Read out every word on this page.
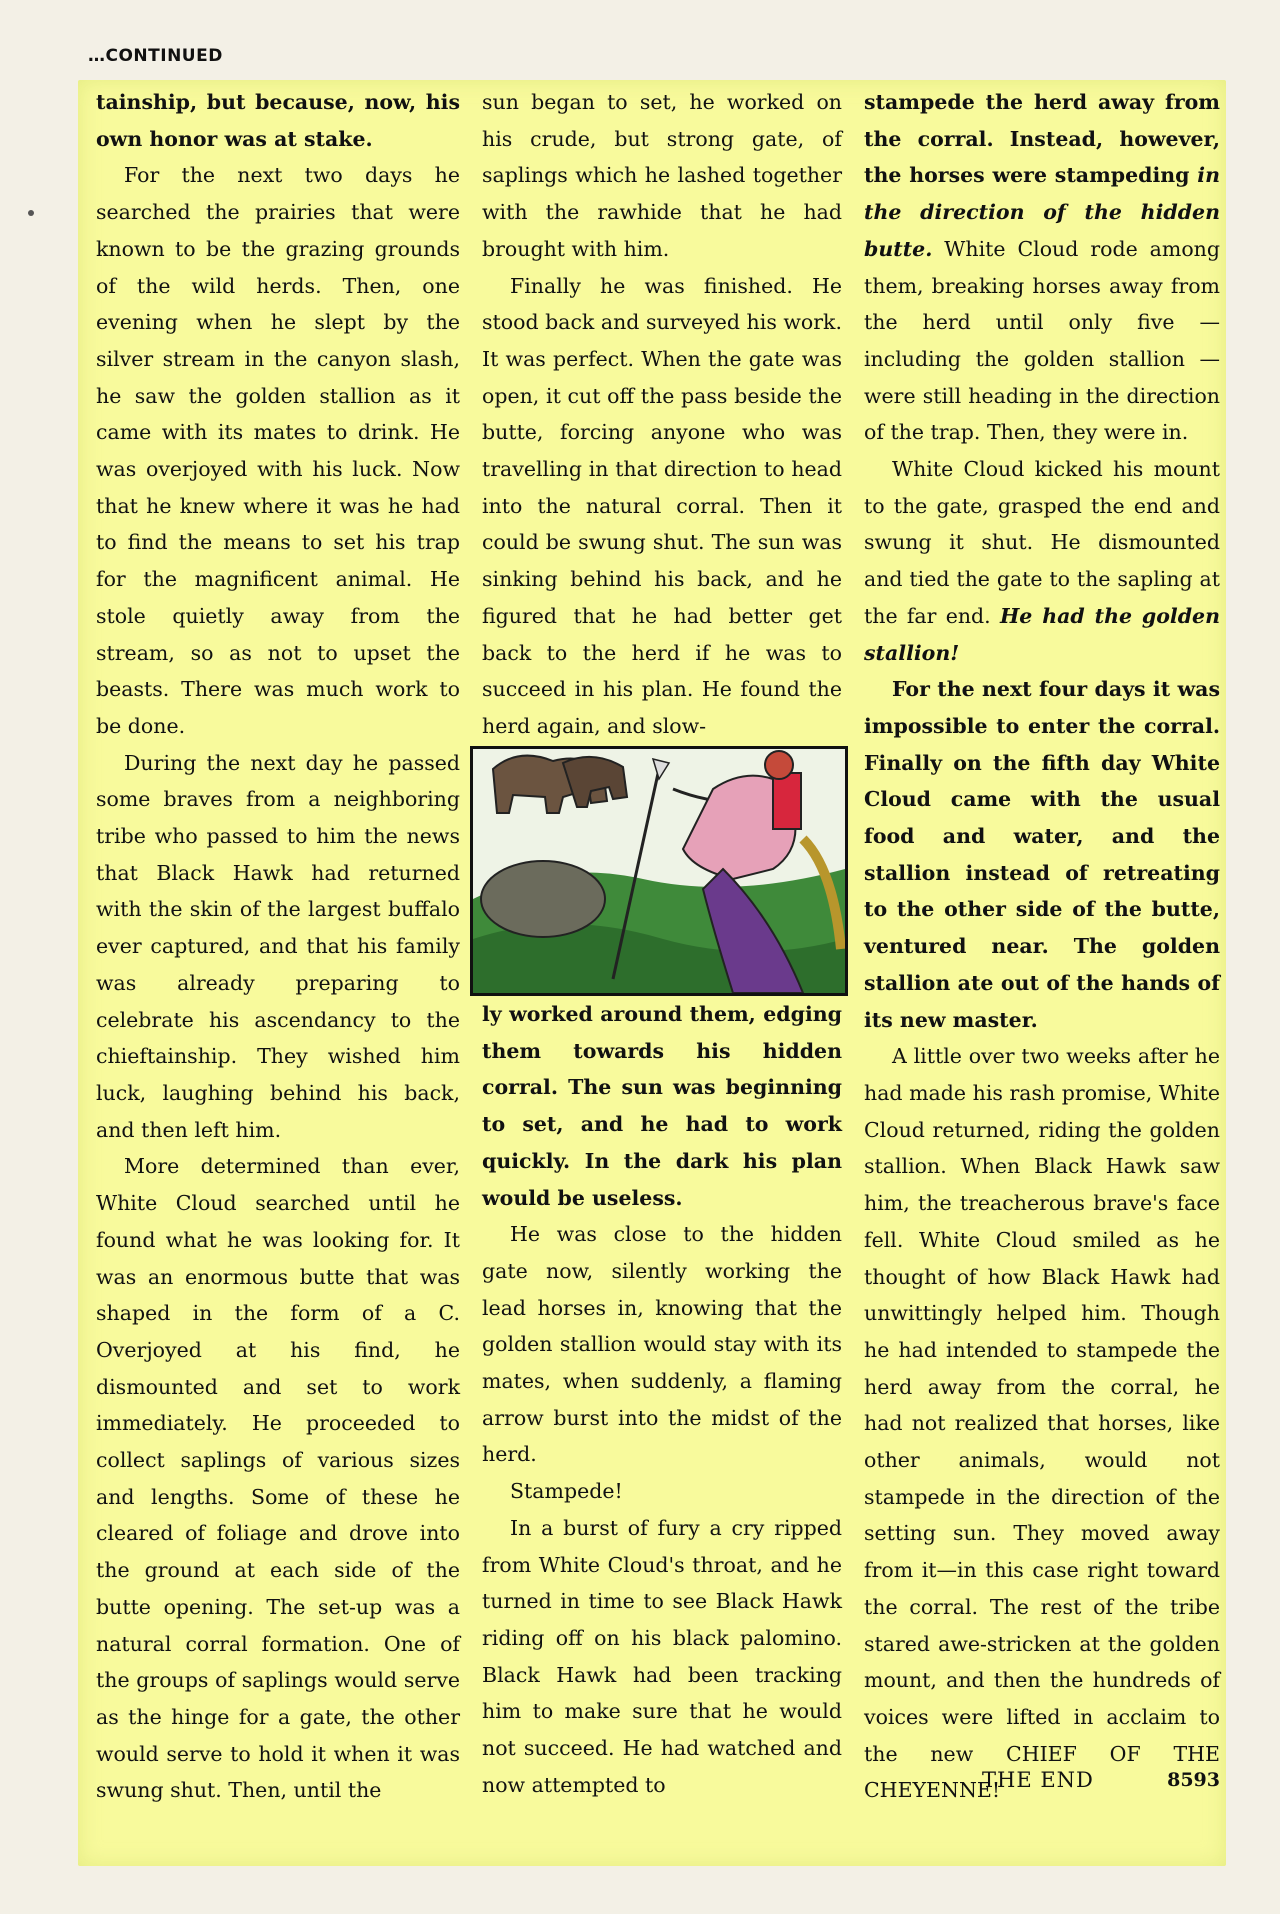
…CONTINUED

tainship, but because, now, his own honor was at stake.

For the next two days he searched the prairies that were known to be the grazing grounds of the wild herds. Then, one evening when he slept by the silver stream in the canyon slash, he saw the golden stallion as it came with its mates to drink. He was overjoyed with his luck. Now that he knew where it was he had to find the means to set his trap for the magnificent animal. He stole quietly away from the stream, so as not to upset the beasts. There was much work to be done.

During the next day he passed some braves from a neighboring tribe who passed to him the news that Black Hawk had returned with the skin of the largest buffalo ever captured, and that his family was already preparing to celebrate his ascendancy to the chieftainship. They wished him luck, laughing behind his back, and then left him.

More determined than ever, White Cloud searched until he found what he was looking for. It was an enormous butte that was shaped in the form of a C. Overjoyed at his find, he dismounted and set to work immediately. He proceeded to collect saplings of various sizes and lengths. Some of these he cleared of foliage and drove into the ground at each side of the butte opening. The set-up was a natural corral formation. One of the groups of saplings would serve as the hinge for a gate, the other would serve to hold it when it was swung shut. Then, until the

sun began to set, he worked on his crude, but strong gate, of saplings which he lashed together with the rawhide that he had brought with him.

Finally he was finished. He stood back and surveyed his work. It was perfect. When the gate was open, it cut off the pass beside the butte, forcing anyone who was travelling in that direction to head into the natural corral. Then it could be swung shut. The sun was sinking behind his back, and he figured that he had better get back to the herd if he was to succeed in his plan. He found the herd again, and slow-

ly worked around them, edging them towards his hidden corral. The sun was beginning to set, and he had to work quickly. In the dark his plan would be useless.

He was close to the hidden gate now, silently working the lead horses in, knowing that the golden stallion would stay with its mates, when suddenly, a flaming arrow burst into the midst of the herd.

Stampede!

In a burst of fury a cry ripped from White Cloud's throat, and he turned in time to see Black Hawk riding off on his black palomino. Black Hawk had been tracking him to make sure that he would not succeed. He had watched and now attempted to

stampede the herd away from the corral. Instead, however, the horses were stampeding in the direction of the hidden butte. White Cloud rode among them, breaking horses away from the herd until only five — including the golden stallion — were still heading in the direction of the trap. Then, they were in.

White Cloud kicked his mount to the gate, grasped the end and swung it shut. He dismounted and tied the gate to the sapling at the far end. He had the golden stallion!

For the next four days it was impossible to enter the corral. Finally on the fifth day White Cloud came with the usual food and water, and the stallion instead of retreating to the other side of the butte, ventured near. The golden stallion ate out of the hands of its new master.

A little over two weeks after he had made his rash promise, White Cloud returned, riding the golden stallion. When Black Hawk saw him, the treacherous brave's face fell. White Cloud smiled as he thought of how Black Hawk had unwittingly helped him. Though he had intended to stampede the herd away from the corral, he had not realized that horses, like other animals, would not stampede in the direction of the setting sun. They moved away from it—in this case right toward the corral. The rest of the tribe stared awe-stricken at the golden mount, and then the hundreds of voices were lifted in acclaim to the new CHIEF OF THE CHEYENNE!

THE END	8593
